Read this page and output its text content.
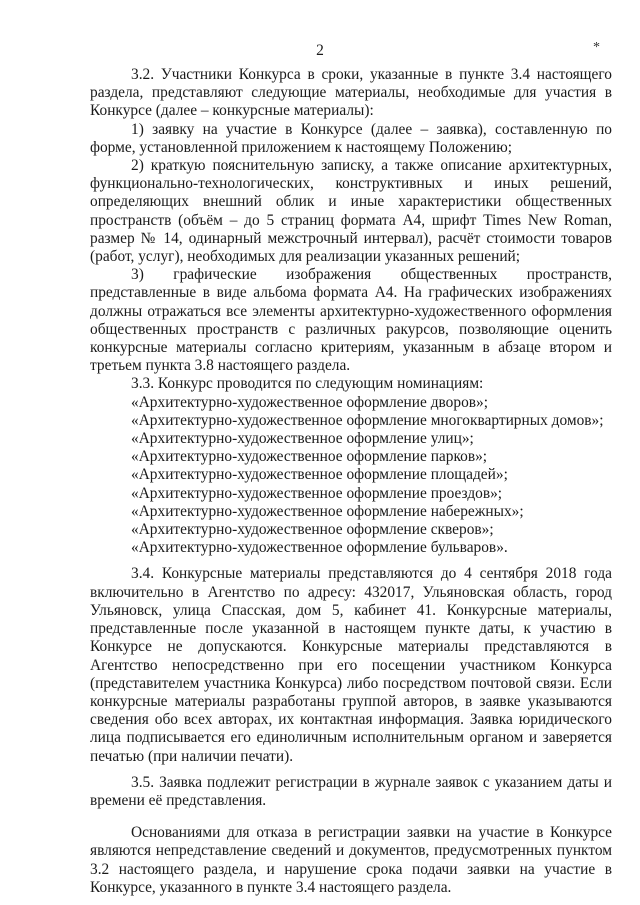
2	*

3.2. Участники Конкурса в сроки, указанные в пункте 3.4 настоящего раздела, представляют следующие материалы, необходимые для участия в Конкурсе (далее – конкурсные материалы):

1) заявку на участие в Конкурсе (далее – заявка), составленную по форме, установленной приложением к настоящему Положению;

2) краткую пояснительную записку, а также описание архитектурных, функционально-технологических, конструктивных и иных решений, определяющих внешний облик и иные характеристики общественных пространств (объём – до 5 страниц формата А4, шрифт Times New Roman, размер № 14, одинарный межстрочный интервал), расчёт стоимости товаров (работ, услуг), необходимых для реализации указанных решений;

3) графические изображения общественных пространств, представленные в виде альбома формата А4. На графических изображениях должны отражаться все элементы архитектурно-художественного оформления общественных пространств с различных ракурсов, позволяющие оценить конкурсные материалы согласно критериям, указанным в абзаце втором и третьем пункта 3.8 настоящего раздела.

3.3. Конкурс проводится по следующим номинациям:

«Архитектурно-художественное оформление дворов»;
«Архитектурно-художественное оформление многоквартирных домов»;
«Архитектурно-художественное оформление улиц»;
«Архитектурно-художественное оформление парков»;
«Архитектурно-художественное оформление площадей»;
«Архитектурно-художественное оформление проездов»;
«Архитектурно-художественное оформление набережных»;
«Архитектурно-художественное оформление скверов»;
«Архитектурно-художественное оформление бульваров».

3.4. Конкурсные материалы представляются до 4 сентября 2018 года включительно в Агентство по адресу: 432017, Ульяновская область, город Ульяновск, улица Спасская, дом 5, кабинет 41. Конкурсные материалы, представленные после указанной в настоящем пункте даты, к участию в Конкурсе не допускаются. Конкурсные материалы представляются в Агентство непосредственно при его посещении участником Конкурса (представителем участника Конкурса) либо посредством почтовой связи. Если конкурсные материалы разработаны группой авторов, в заявке указываются сведения обо всех авторах, их контактная информация. Заявка юридического лица подписывается его единоличным исполнительным органом и заверяется печатью (при наличии печати).

3.5. Заявка подлежит регистрации в журнале заявок с указанием даты и времени её представления.

Основаниями для отказа в регистрации заявки на участие в Конкурсе являются непредставление сведений и документов, предусмотренных пунктом 3.2 настоящего раздела, и нарушение срока подачи заявки на участие в Конкурсе, указанного в пункте 3.4 настоящего раздела.
